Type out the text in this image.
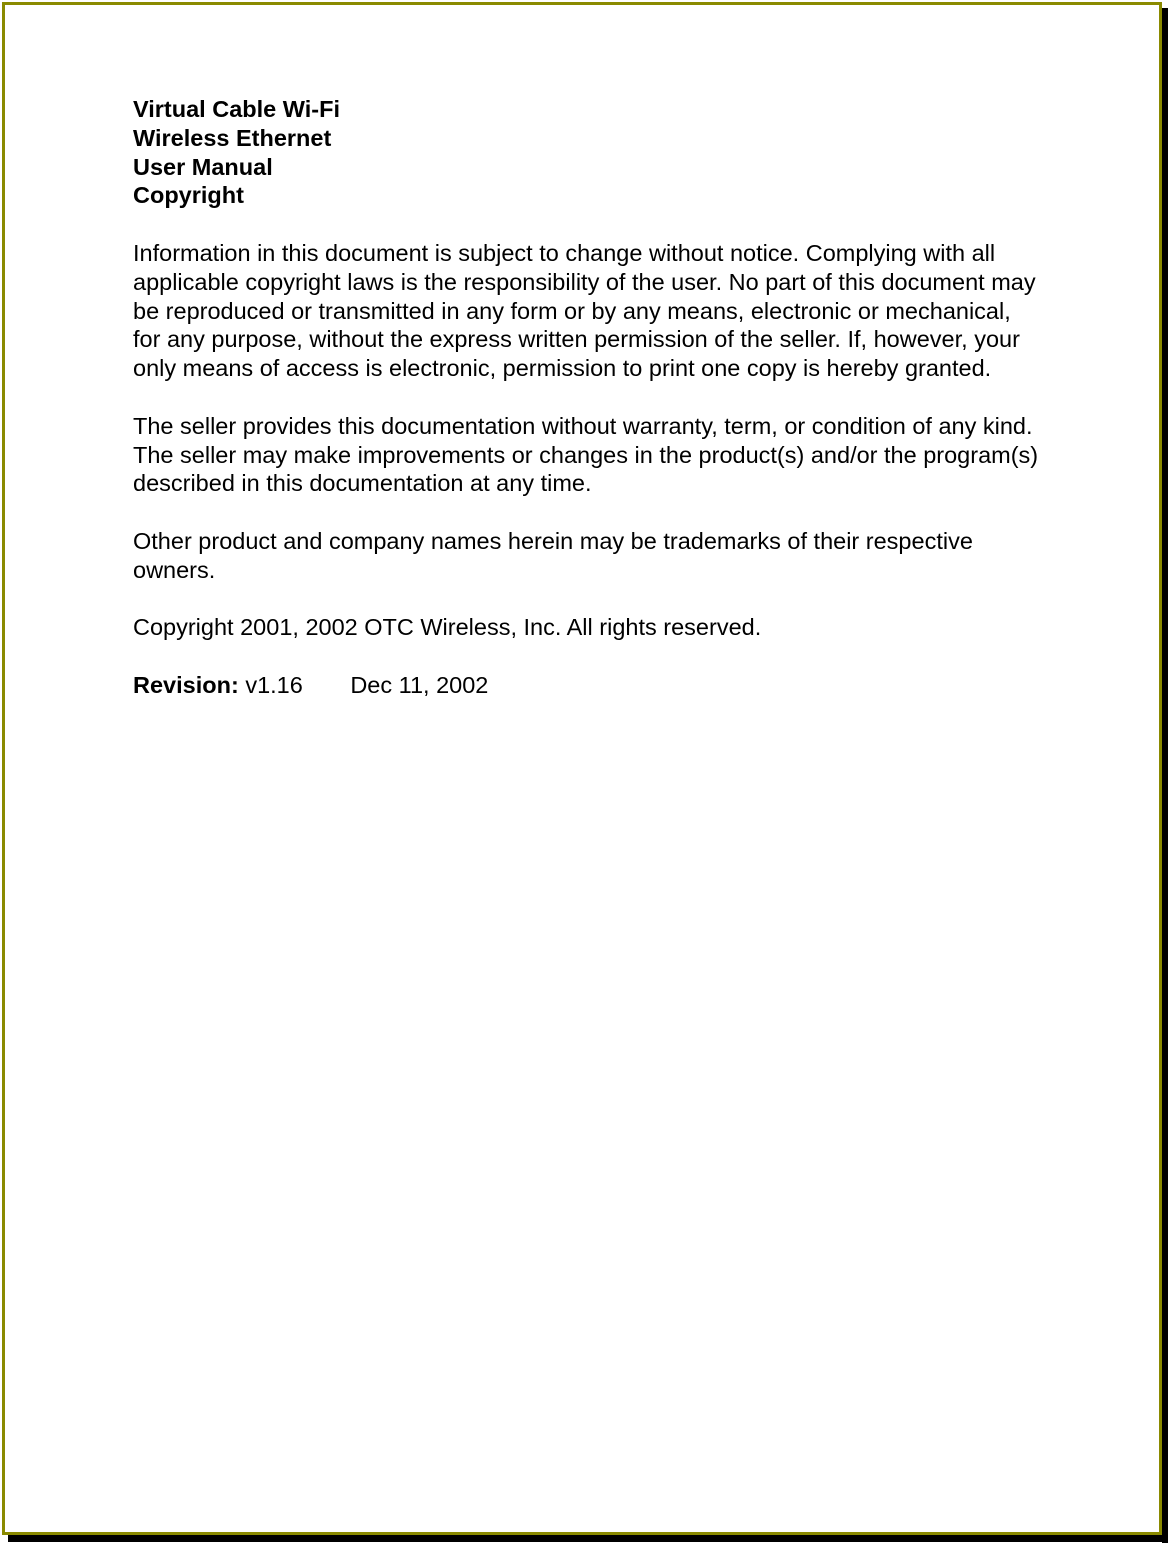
Virtual Cable Wi-Fi
Wireless Ethernet
User Manual
Copyright

Information in this document is subject to change without notice. Complying with all applicable copyright laws is the responsibility of the user. No part of this document may be reproduced or transmitted in any form or by any means, electronic or mechanical, for any purpose, without the express written permission of the seller. If, however, your only means of access is electronic, permission to print one copy is hereby granted.

The seller provides this documentation without warranty, term, or condition of any kind. The seller may make improvements or changes in the product(s) and/or the program(s) described in this documentation at any time.

Other product and company names herein may be trademarks of their respective owners.

Copyright 2001, 2002 OTC Wireless, Inc. All rights reserved.

Revision: v1.16 Dec 11, 2002
